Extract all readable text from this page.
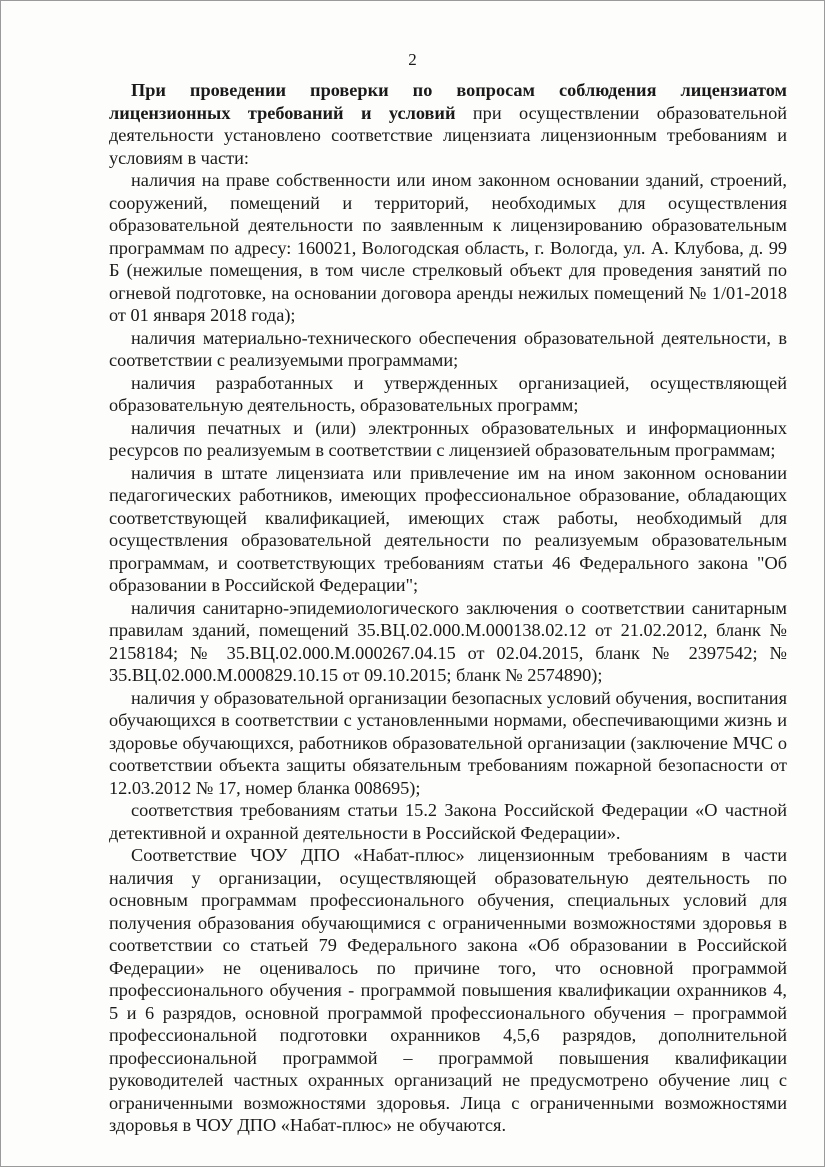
2

При проведении проверки по вопросам соблюдения лицензиатом лицензионных требований и условий при осуществлении образовательной деятельности установлено соответствие лицензиата лицензионным требованиям и условиям в части:

наличия на праве собственности или ином законном основании зданий, строений, сооружений, помещений и территорий, необходимых для осуществления образовательной деятельности по заявленным к лицензированию образовательным программам по адресу: 160021, Вологодская область, г. Вологда, ул. А. Клубова, д. 99 Б (нежилые помещения, в том числе стрелковый объект для проведения занятий по огневой подготовке, на основании договора аренды нежилых помещений № 1/01-2018 от 01 января 2018 года);

наличия материально-технического обеспечения образовательной деятельности, в соответствии с реализуемыми программами;

наличия разработанных и утвержденных организацией, осуществляющей образовательную деятельность, образовательных программ;

наличия печатных и (или) электронных образовательных и информационных ресурсов по реализуемым в соответствии с лицензией образовательным программам;

наличия в штате лицензиата или привлечение им на ином законном основании педагогических работников, имеющих профессиональное образование, обладающих соответствующей квалификацией, имеющих стаж работы, необходимый для осуществления образовательной деятельности по реализуемым образовательным программам, и соответствующих требованиям статьи 46 Федерального закона "Об образовании в Российской Федерации";

наличия санитарно-эпидемиологического заключения о соответствии санитарным правилам зданий, помещений 35.ВЦ.02.000.М.000138.02.12 от 21.02.2012, бланк № 2158184; № 35.ВЦ.02.000.М.000267.04.15 от 02.04.2015, бланк № 2397542; № 35.ВЦ.02.000.М.000829.10.15 от 09.10.2015; бланк № 2574890);

наличия у образовательной организации безопасных условий обучения, воспитания обучающихся в соответствии с установленными нормами, обеспечивающими жизнь и здоровье обучающихся, работников образовательной организации (заключение МЧС о соответствии объекта защиты обязательным требованиям пожарной безопасности от 12.03.2012 № 17, номер бланка 008695);

соответствия требованиям статьи 15.2 Закона Российской Федерации «О частной детективной и охранной деятельности в Российской Федерации».

Соответствие ЧОУ ДПО «Набат-плюс» лицензионным требованиям в части наличия у организации, осуществляющей образовательную деятельность по основным программам профессионального обучения, специальных условий для получения образования обучающимися с ограниченными возможностями здоровья в соответствии со статьей 79 Федерального закона «Об образовании в Российской Федерации» не оценивалось по причине того, что основной программой профессионального обучения - программой повышения квалификации охранников 4, 5 и 6 разрядов, основной программой профессионального обучения – программой профессиональной подготовки охранников 4,5,6 разрядов, дополнительной профессиональной программой – программой повышения квалификации руководителей частных охранных организаций не предусмотрено обучение лиц с ограниченными возможностями здоровья. Лица с ограниченными возможностями здоровья в ЧОУ ДПО «Набат-плюс» не обучаются.
